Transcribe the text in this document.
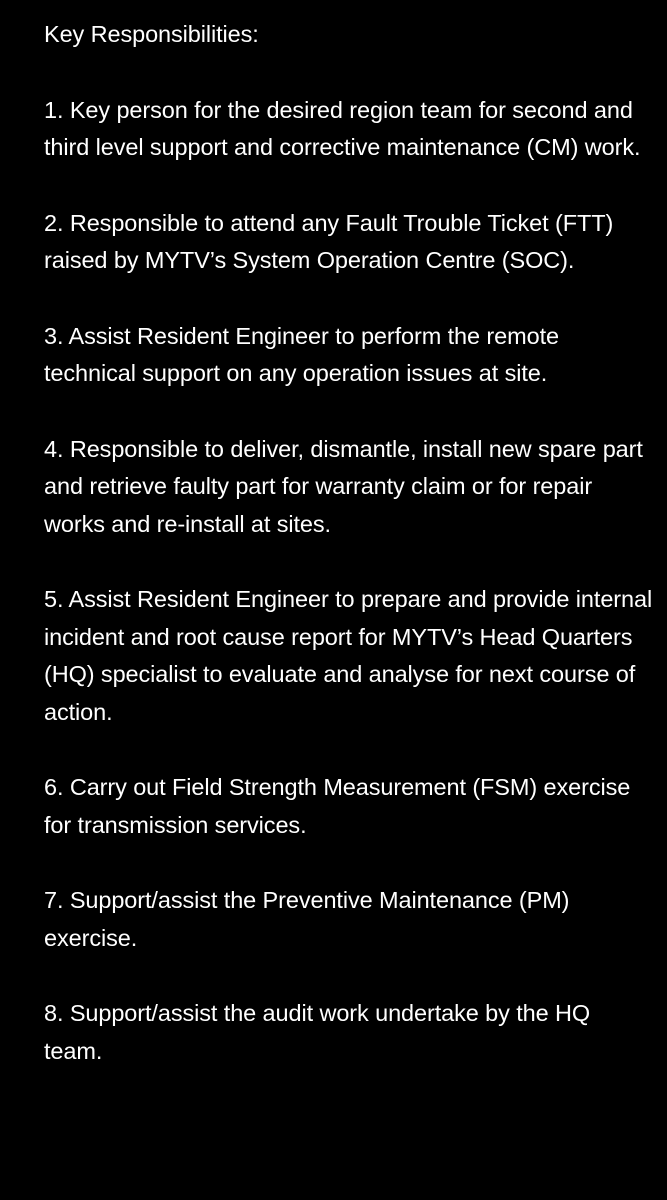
Key Responsibilities:
1. Key person for the desired region team for second and third level support and corrective maintenance (CM) work.
2. Responsible to attend any Fault Trouble Ticket (FTT) raised by MYTV’s System Operation Centre (SOC).
3. Assist Resident Engineer to perform the remote technical support on any operation issues at site.
4. Responsible to deliver, dismantle, install new spare part and retrieve faulty part for warranty claim or for repair works and re-install at sites.
5. Assist Resident Engineer to prepare and provide internal incident and root cause report for MYTV’s Head Quarters (HQ) specialist to evaluate and analyse for next course of action.
6. Carry out Field Strength Measurement (FSM) exercise for transmission services.
7. Support/assist the Preventive Maintenance (PM) exercise.
8. Support/assist the audit work undertake by the HQ team.
